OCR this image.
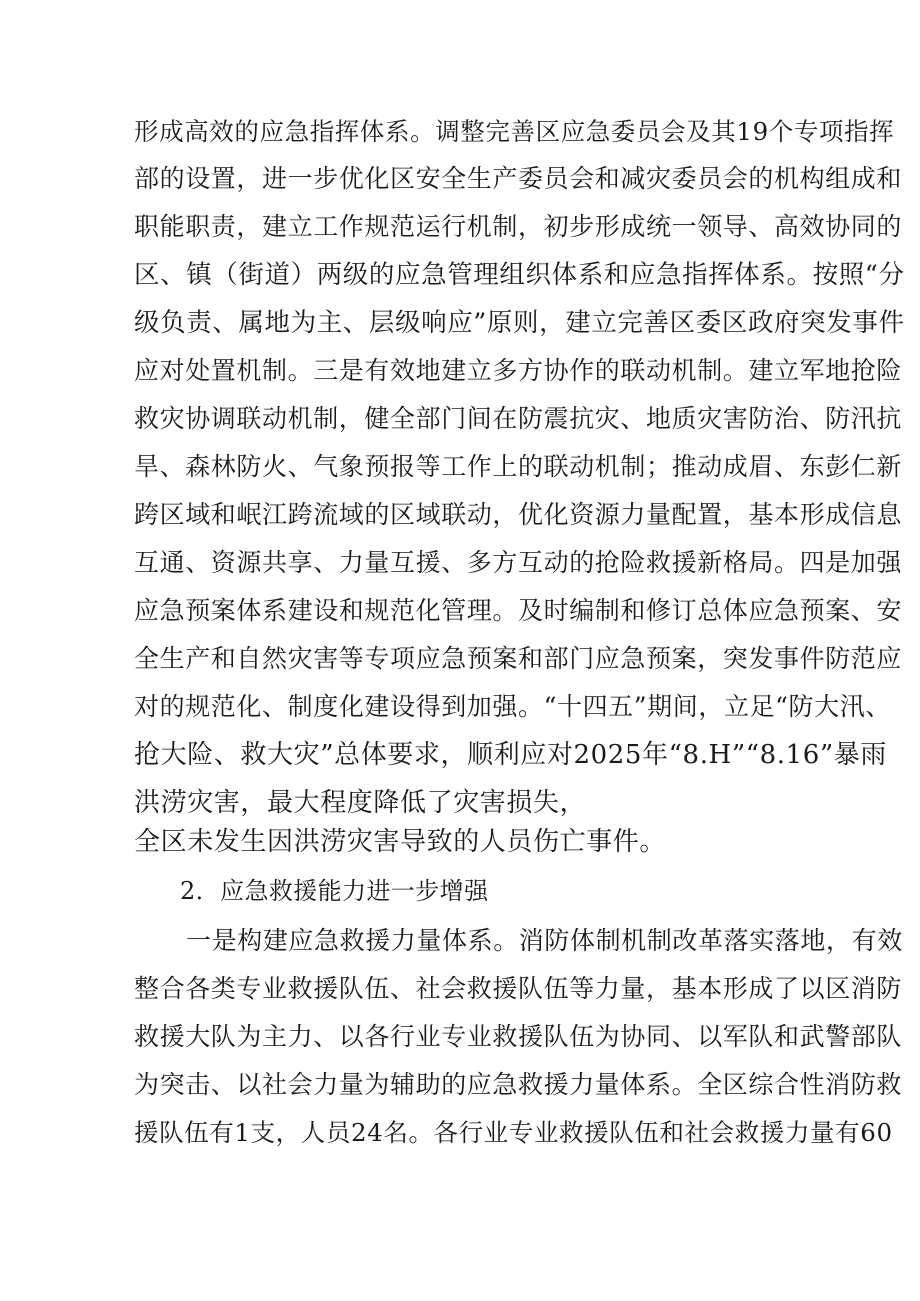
形成高效的应急指挥体系。调整完善区应急委员会及其19个专项指挥
部的设置，进一步优化区安全生产委员会和减灾委员会的机构组成和
职能职责，建立工作规范运行机制，初步形成统一领导、高效协同的
区、镇（街道）两级的应急管理组织体系和应急指挥体系。按照“分
级负责、属地为主、层级响应”原则，建立完善区委区政府突发事件
应对处置机制。三是有效地建立多方协作的联动机制。建立军地抢险
救灾协调联动机制，健全部门间在防震抗灾、地质灾害防治、防汛抗
旱、森林防火、气象预报等工作上的联动机制；推动成眉、东彭仁新
跨区域和岷江跨流域的区域联动，优化资源力量配置，基本形成信息
互通、资源共享、力量互援、多方互动的抢险救援新格局。四是加强
应急预案体系建设和规范化管理。及时编制和修订总体应急预案、安
全生产和自然灾害等专项应急预案和部门应急预案，突发事件防范应
对的规范化、制度化建设得到加强。“十四五”期间，立足“防大汛、
抢大险、救大灾”总体要求，顺利应对2025年“8.H”“8.16”暴雨
洪涝灾害，最大程度降低了灾害损失，
全区未发生因洪涝灾害导致的人员伤亡事件。
2．应急救援能力进一步增强
一是构建应急救援力量体系。消防体制机制改革落实落地，有效
整合各类专业救援队伍、社会救援队伍等力量，基本形成了以区消防
救援大队为主力、以各行业专业救援队伍为协同、以军队和武警部队
为突击、以社会力量为辅助的应急救援力量体系。全区综合性消防救
援队伍有1支，人员24名。各行业专业救援队伍和社会救援力量有60
